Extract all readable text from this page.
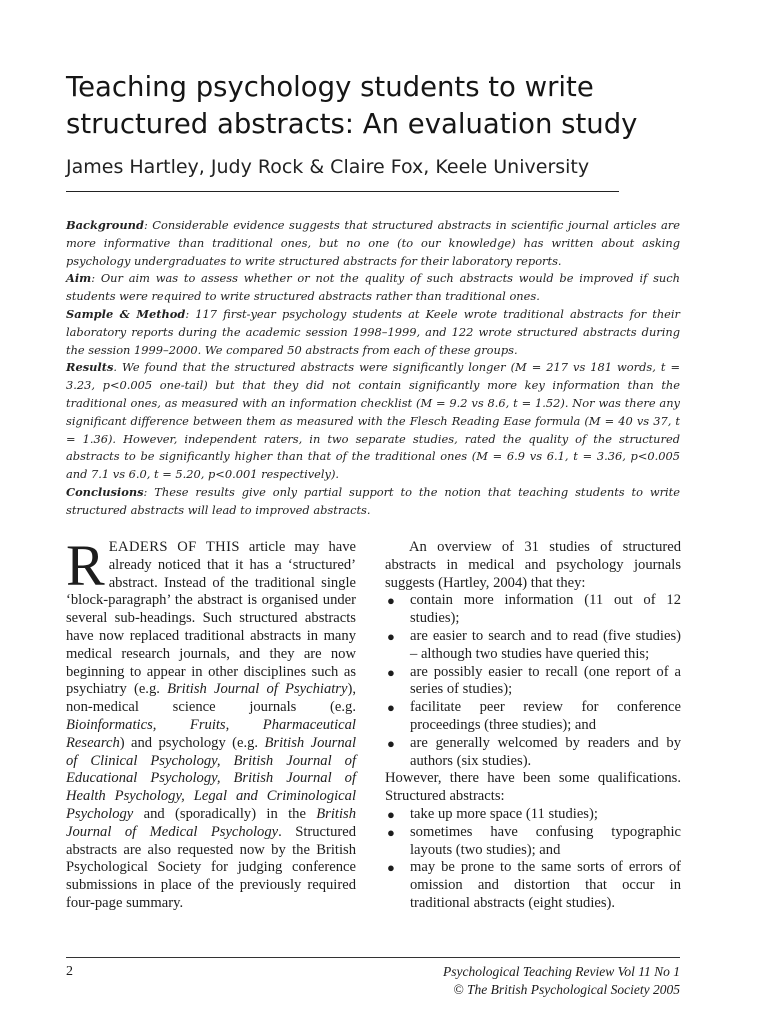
Teaching psychology students to write structured abstracts: An evaluation study
James Hartley, Judy Rock & Claire Fox, Keele University

Background: Considerable evidence suggests that structured abstracts in scientific journal articles are more informative than traditional ones, but no one (to our knowledge) has written about asking psychology undergraduates to write structured abstracts for their laboratory reports.

Aim: Our aim was to assess whether or not the quality of such abstracts would be improved if such students were required to write structured abstracts rather than traditional ones.

Sample & Method: 117 first-year psychology students at Keele wrote traditional abstracts for their laboratory reports during the academic session 1998–1999, and 122 wrote structured abstracts during the session 1999–2000. We compared 50 abstracts from each of these groups.

Results. We found that the structured abstracts were significantly longer (M = 217 vs 181 words, t = 3.23, p<0.005 one-tail) but that they did not contain significantly more key information than the traditional ones, as measured with an information checklist (M = 9.2 vs 8.6, t = 1.52). Nor was there any significant difference between them as measured with the Flesch Reading Ease formula (M = 40 vs 37, t = 1.36). However, independent raters, in two separate studies, rated the quality of the structured abstracts to be significantly higher than that of the traditional ones (M = 6.9 vs 6.1, t = 3.36, p<0.005 and 7.1 vs 6.0, t = 5.20, p<0.001 respectively).

Conclusions: These results give only partial support to the notion that teaching students to write structured abstracts will lead to improved abstracts.

READERS OF THIS article may have already noticed that it has a ‘structured’ abstract. Instead of the traditional single ‘block-paragraph’ the abstract is organised under several sub-headings. Such structured abstracts have now replaced traditional abstracts in many medical research journals, and they are now beginning to appear in other disciplines such as psychiatry (e.g. British Journal of Psychiatry), non-medical science journals (e.g. Bioinformatics, Fruits, Pharmaceutical Research) and psychology (e.g. British Journal of Clinical Psychology, British Journal of Educational Psychology, British Journal of Health Psychology, Legal and Criminological Psychology and (sporadically) in the British Journal of Medical Psychology. Structured abstracts are also requested now by the British Psychological Society for judging conference submissions in place of the previously required four-page summary.

An overview of 31 studies of structured abstracts in medical and psychology journals suggests (Hartley, 2004) that they:

● contain more information (11 out of 12 studies);
● are easier to search and to read (five studies) – although two studies have queried this;
● are possibly easier to recall (one report of a series of studies);
● facilitate peer review for conference proceedings (three studies); and
● are generally welcomed by readers and by authors (six studies).

However, there have been some qualifications. Structured abstracts:

● take up more space (11 studies);
● sometimes have confusing typographic layouts (two studies); and
● may be prone to the same sorts of errors of omission and distortion that occur in traditional abstracts (eight studies).
2	Psychological Teaching Review Vol 11 No 1
© The British Psychological Society 2005
